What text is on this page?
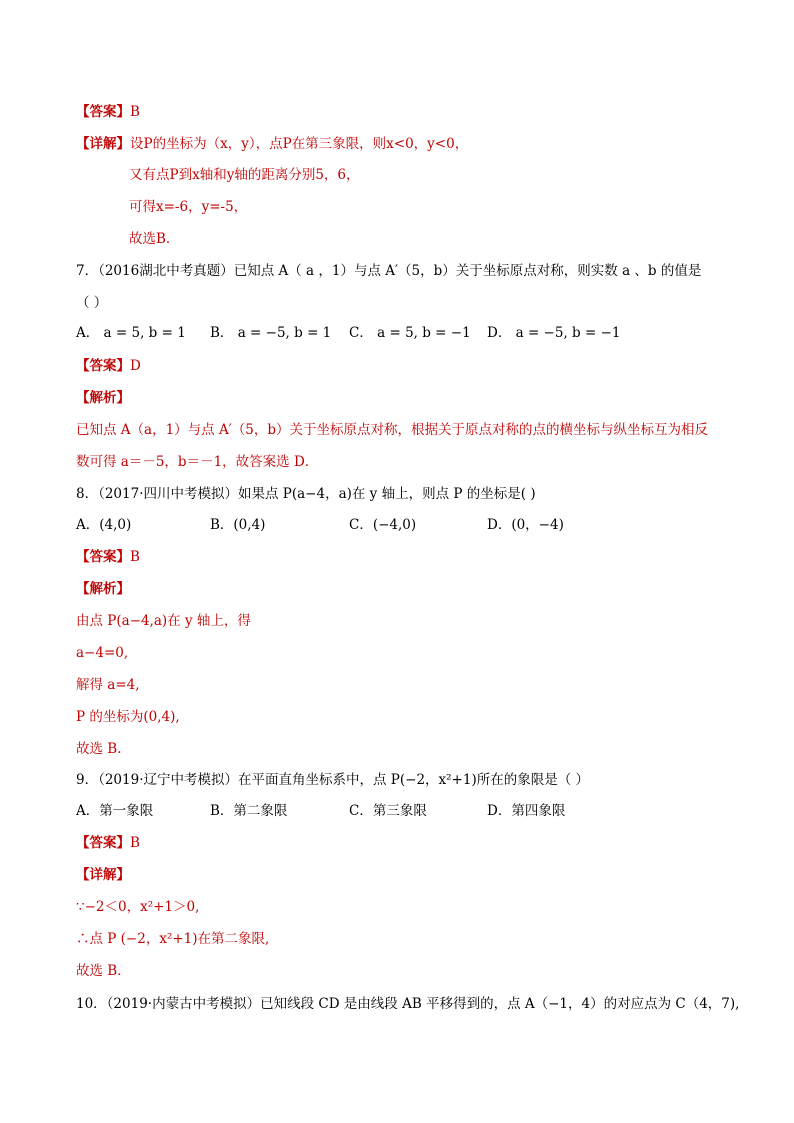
【答案】B
【详解】设P的坐标为（x，y），点P在第三象限，则x<0，y<0，
又有点P到x轴和y轴的距离分别5，6，
可得x=-6，y=-5，
故选B．
7．（2016湖北中考真题）已知点 A（ a ，1）与点 A′（5，b）关于坐标原点对称，则实数 a 、b 的值是
（ ）
A． a = 5, b = 1 B． a = −5, b = 1 C． a = 5, b = −1 D． a = −5, b = −1
【答案】D
【解析】
已知点 A（a，1）与点 A′（5，b）关于坐标原点对称，根据关于原点对称的点的横坐标与纵坐标互为相反
数可得 a＝－5，b＝－1，故答案选 D．
8．（2017·四川中考模拟）如果点 P(a−4，a)在 y 轴上，则点 P 的坐标是( )
A．(4,0)	B．(0,4)	C．(−4,0)	D．(0，−4)
【答案】B
【解析】
由点 P(a−4,a)在 y 轴上，得
a−4=0,
解得 a=4,
P 的坐标为(0,4),
故选 B.
9．（2019·辽宁中考模拟）在平面直角坐标系中，点 P(−2，x²+1)所在的象限是（ ）
A．第一象限	B．第二象限	C．第三象限	D．第四象限
【答案】B
【详解】
∵−2＜0，x²+1＞0,
∴点 P (−2，x²+1)在第二象限,
故选 B．
10．（2019·内蒙古中考模拟）已知线段 CD 是由线段 AB 平移得到的，点 A（−1，4）的对应点为 C（4，7),
